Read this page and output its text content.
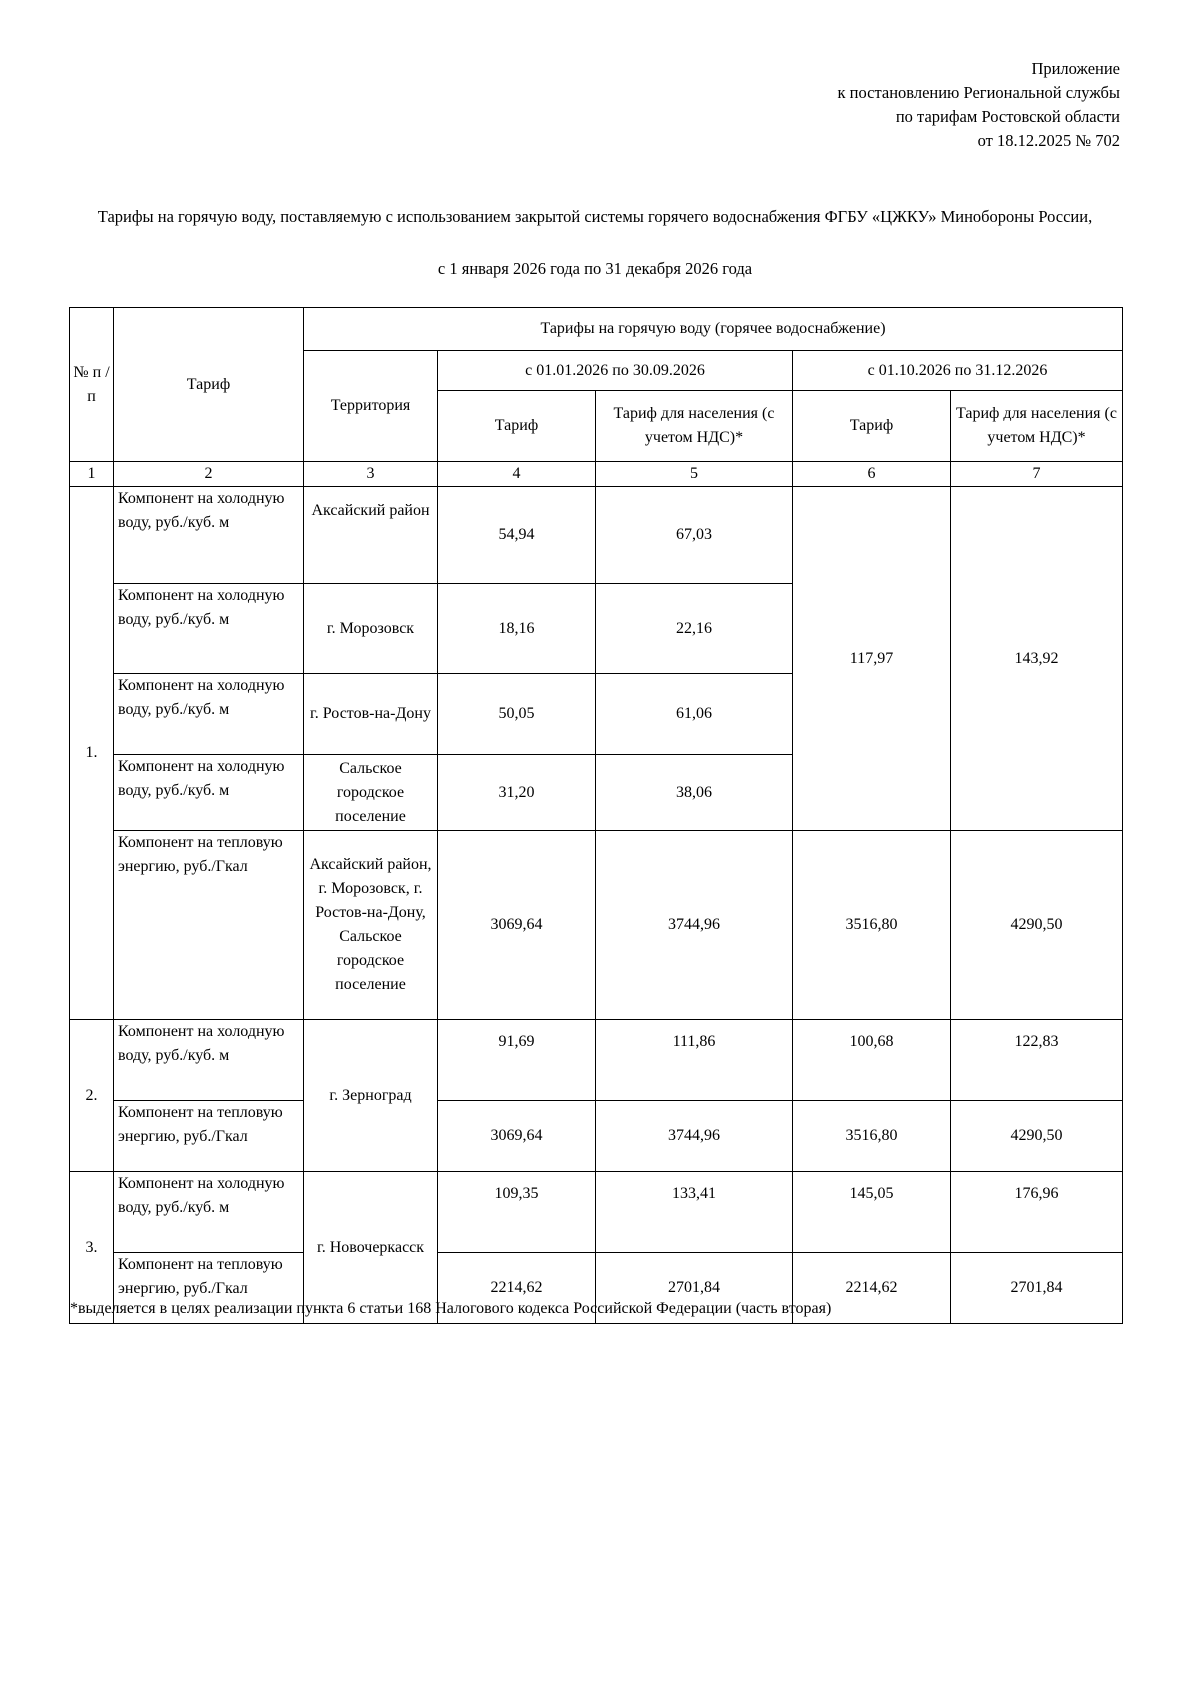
Приложение
к постановлению Региональной службы
по тарифам Ростовской области
от 18.12.2025 № 702
Тарифы на горячую воду, поставляемую с использованием закрытой системы горячего водоснабжения ФГБУ «ЦЖКУ» Минобороны России,
с 1 января 2026 года по 31 декабря 2026 года
№ п /п	Тариф	Тарифы на горячую воду (горячее водоснабжение)				
		Территория	с 01.01.2026 по 30.09.2026		с 01.10.2026 по 31.12.2026	
			Тариф	Тариф для населения (с учетом НДС)*	Тариф	Тариф для населения (с учетом НДС)*
1	2	3	4	5	6	7
1.	Компонент на холодную воду, руб./куб. м	Аксайский район	54,94	67,03	117,97	143,92
	Компонент на холодную воду, руб./куб. м	г. Морозовск	18,16	22,16		
	Компонент на холодную воду, руб./куб. м	г. Ростов-на-Дону	50,05	61,06		
	Компонент на холодную воду, руб./куб. м	Сальское городское поселение	31,20	38,06		
	Компонент на тепловую энергию, руб./Гкал	Аксайский район, г. Морозовск, г. Ростов-на-Дону, Сальское городское поселение	3069,64	3744,96	3516,80	4290,50
2.	Компонент на холодную воду, руб./куб. м	г. Зерноград	91,69	111,86	100,68	122,83
	Компонент на тепловую энергию, руб./Гкал		3069,64	3744,96	3516,80	4290,50
3.	Компонент на холодную воду, руб./куб. м	г. Новочеркасск	109,35	133,41	145,05	176,96
	Компонент на тепловую энергию, руб./Гкал		2214,62	2701,84	2214,62	2701,84
*выделяется в целях реализации пункта 6 статьи 168 Налогового кодекса Российской Федерации (часть вторая)
